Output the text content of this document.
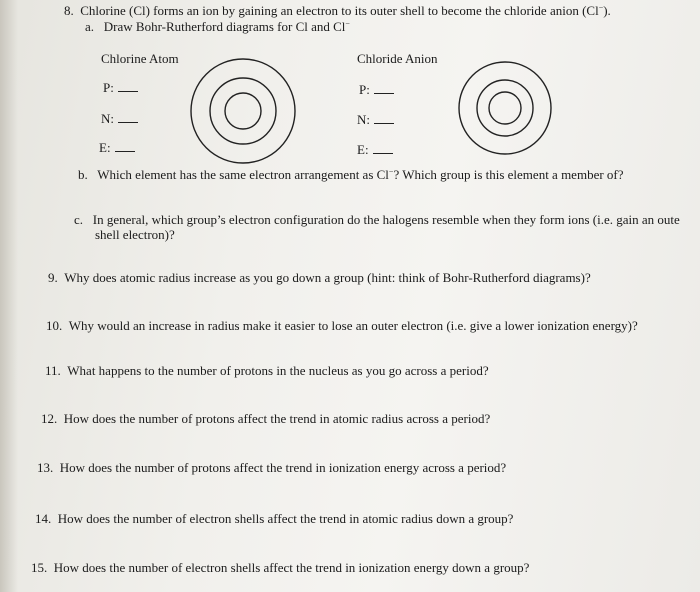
8. Chlorine (Cl) forms an ion by gaining an electron to its outer shell to become the chloride anion (Cl−).
a. Draw Bohr-Rutherford diagrams for Cl and Cl−
Chlorine Atom	Chloride Anion
P:
N:
E:
P:
N:
E:
b. Which element has the same electron arrangement as Cl−? Which group is this element a member of?
c. In general, which group’s electron configuration do the halogens resemble when they form ions (i.e. gain an oute
shell electron)?
9. Why does atomic radius increase as you go down a group (hint: think of Bohr-Rutherford diagrams)?
10. Why would an increase in radius make it easier to lose an outer electron (i.e. give a lower ionization energy)?
11. What happens to the number of protons in the nucleus as you go across a period?
12. How does the number of protons affect the trend in atomic radius across a period?
13. How does the number of protons affect the trend in ionization energy across a period?
14. How does the number of electron shells affect the trend in atomic radius down a group?
15. How does the number of electron shells affect the trend in ionization energy down a group?
